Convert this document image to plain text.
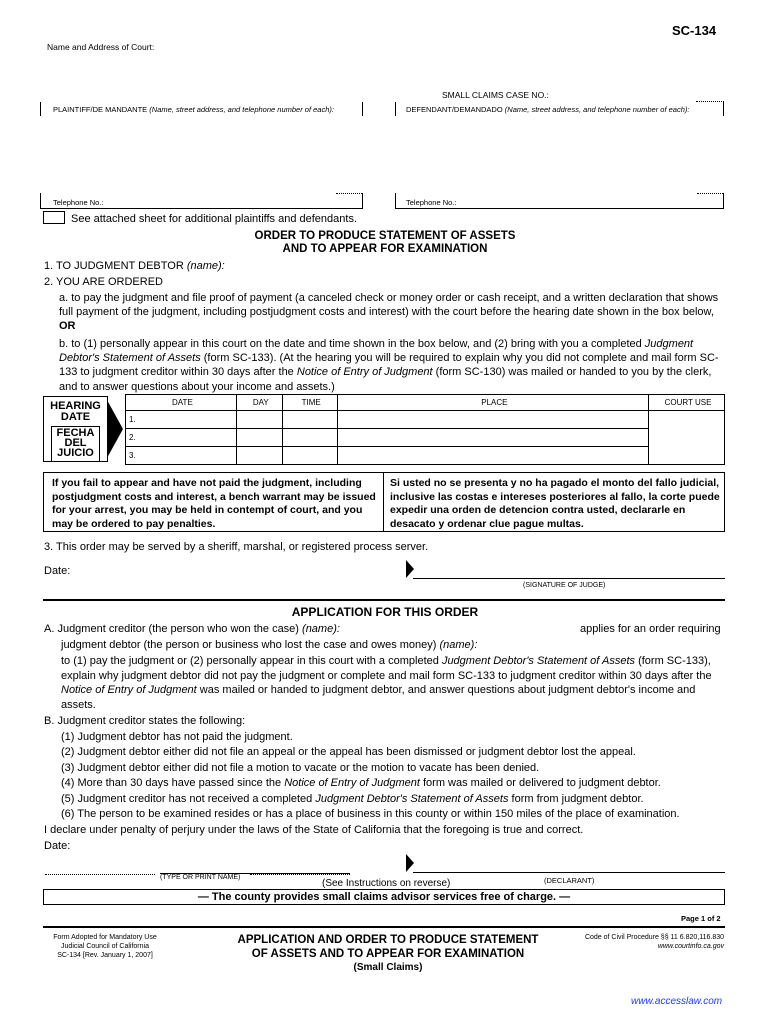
SC-134
Name and Address of Court:
SMALL CLAIMS CASE NO.:
PLAINTIFF/DE MANDANTE (Name, street address, and telephone number of each):
Telephone No.:
DEFENDANT/DEMANDADO (Name, street address, and telephone number of each):
Telephone No.:
See attached sheet for additional plaintiffs and defendants.
ORDER TO PRODUCE STATEMENT OF ASSETS
AND TO APPEAR FOR EXAMINATION
1. TO JUDGMENT DEBTOR (name):
2. YOU ARE ORDERED
a. to pay the judgment and file proof of payment (a canceled check or money order or cash receipt, and a written declaration that shows full payment of the judgment, including postjudgment costs and interest) with the court before the hearing date shown in the box below, OR
b. to (1) personally appear in this court on the date and time shown in the box below, and (2) bring with you a completed Judgment Debtor's Statement of Assets (form SC-133). (At the hearing you will be required to explain why you did not complete and mail form SC-133 to judgment creditor within 30 days after the Notice of Entry of Judgment (form SC-130) was mailed or handed to you by the clerk, and to answer questions about your income and assets.)
HEARING
DATE
FECHA
DEL
JUICIO
DATE	DAY	TIME	PLACE	COURT USE
1.				
2.				
3.				
If you fail to appear and have not paid the judgment, including postjudgment costs and interest, a bench warrant may be issued for your arrest, you may be held in contempt of court, and you may be ordered to pay penalties.
Si usted no se presenta y no ha pagado el monto del fallo judicial, inclusive las costas e intereses posteriores al fallo, la corte puede expedir una orden de detencion contra usted, declararle en desacato y ordenar clue pague multas.
3. This order may be served by a sheriff, marshal, or registered process server.
Date:
(SIGNATURE OF JUDGE)
APPLICATION FOR THIS ORDER
A. Judgment creditor (the person who won the case) (name):	applies for an order requiring
judgment debtor (the person or business who lost the case and owes money) (name):
to (1) pay the judgment or (2) personally appear in this court with a completed Judgment Debtor's Statement of Assets (form SC-133), explain why judgment debtor did not pay the judgment or complete and mail form SC-133 to judgment creditor within 30 days after the Notice of Entry of Judgment was mailed or handed to judgment debtor, and answer questions about judgment debtor's income and assets.
B. Judgment creditor states the following:
(1) Judgment debtor has not paid the judgment.
(2) Judgment debtor either did not file an appeal or the appeal has been dismissed or judgment debtor lost the appeal.
(3) Judgment debtor either did not file a motion to vacate or the motion to vacate has been denied.
(4) More than 30 days have passed since the Notice of Entry of Judgment form was mailed or delivered to judgment debtor.
(5) Judgment creditor has not received a completed Judgment Debtor's Statement of Assets form from judgment debtor.
(6) The person to be examined resides or has a place of business in this county or within 150 miles of the place of examination.
I declare under penalty of perjury under the laws of the State of California that the foregoing is true and correct.
Date:
(TYPE OR PRINT NAME)	(DECLARANT)
(See Instructions on reverse)
— The county provides small claims advisor services free of charge. —
Page 1 of 2
Form Adopted for Mandatory Use
Judicial Council of California
SC-134 [Rev. January 1, 2007]
APPLICATION AND ORDER TO PRODUCE STATEMENT
OF ASSETS AND TO APPEAR FOR EXAMINATION
(Small Claims)
Code of Civil Procedure §§ 11 6.820,116.830
www.courtinfo.ca.gov
www.accesslaw.com
